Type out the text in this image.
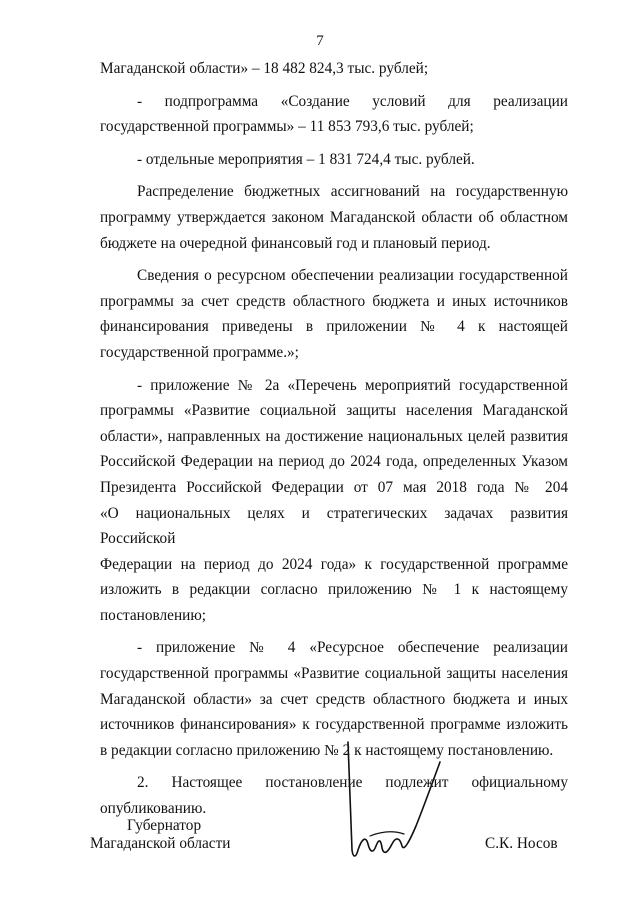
7

Магаданской области» – 18 482 824,3 тыс. рублей;

- подпрограмма «Создание условий для реализации
государственной программы» – 11 853 793,6 тыс. рублей;

- отдельные мероприятия – 1 831 724,4 тыс. рублей.

Распределение бюджетных ассигнований на государственную
программу утверждается законом Магаданской области об областном
бюджете на очередной финансовый год и плановый период.

Сведения о ресурсном обеспечении реализации государственной
программы за счет средств областного бюджета и иных источников
финансирования приведены в приложении № 4 к настоящей
государственной программе.»;

- приложение № 2а «Перечень мероприятий государственной
программы «Развитие социальной защиты населения Магаданской
области», направленных на достижение национальных целей развития
Российской Федерации на период до 2024 года, определенных Указом
Президента Российской Федерации от 07 мая 2018 года № 204
«О национальных целях и стратегических задачах развития Российской
Федерации на период до 2024 года» к государственной программе
изложить в редакции согласно приложению № 1 к настоящему
постановлению;

- приложение № 4 «Ресурсное обеспечение реализации
государственной программы «Развитие социальной защиты населения
Магаданской области» за счет средств областного бюджета и иных
источников финансирования» к государственной программе изложить
в редакции согласно приложению № 2 к настоящему постановлению.

2. Настоящее постановление подлежит официальному
опубликованию.

Губернатор
Магаданской области	С.К. Носов
